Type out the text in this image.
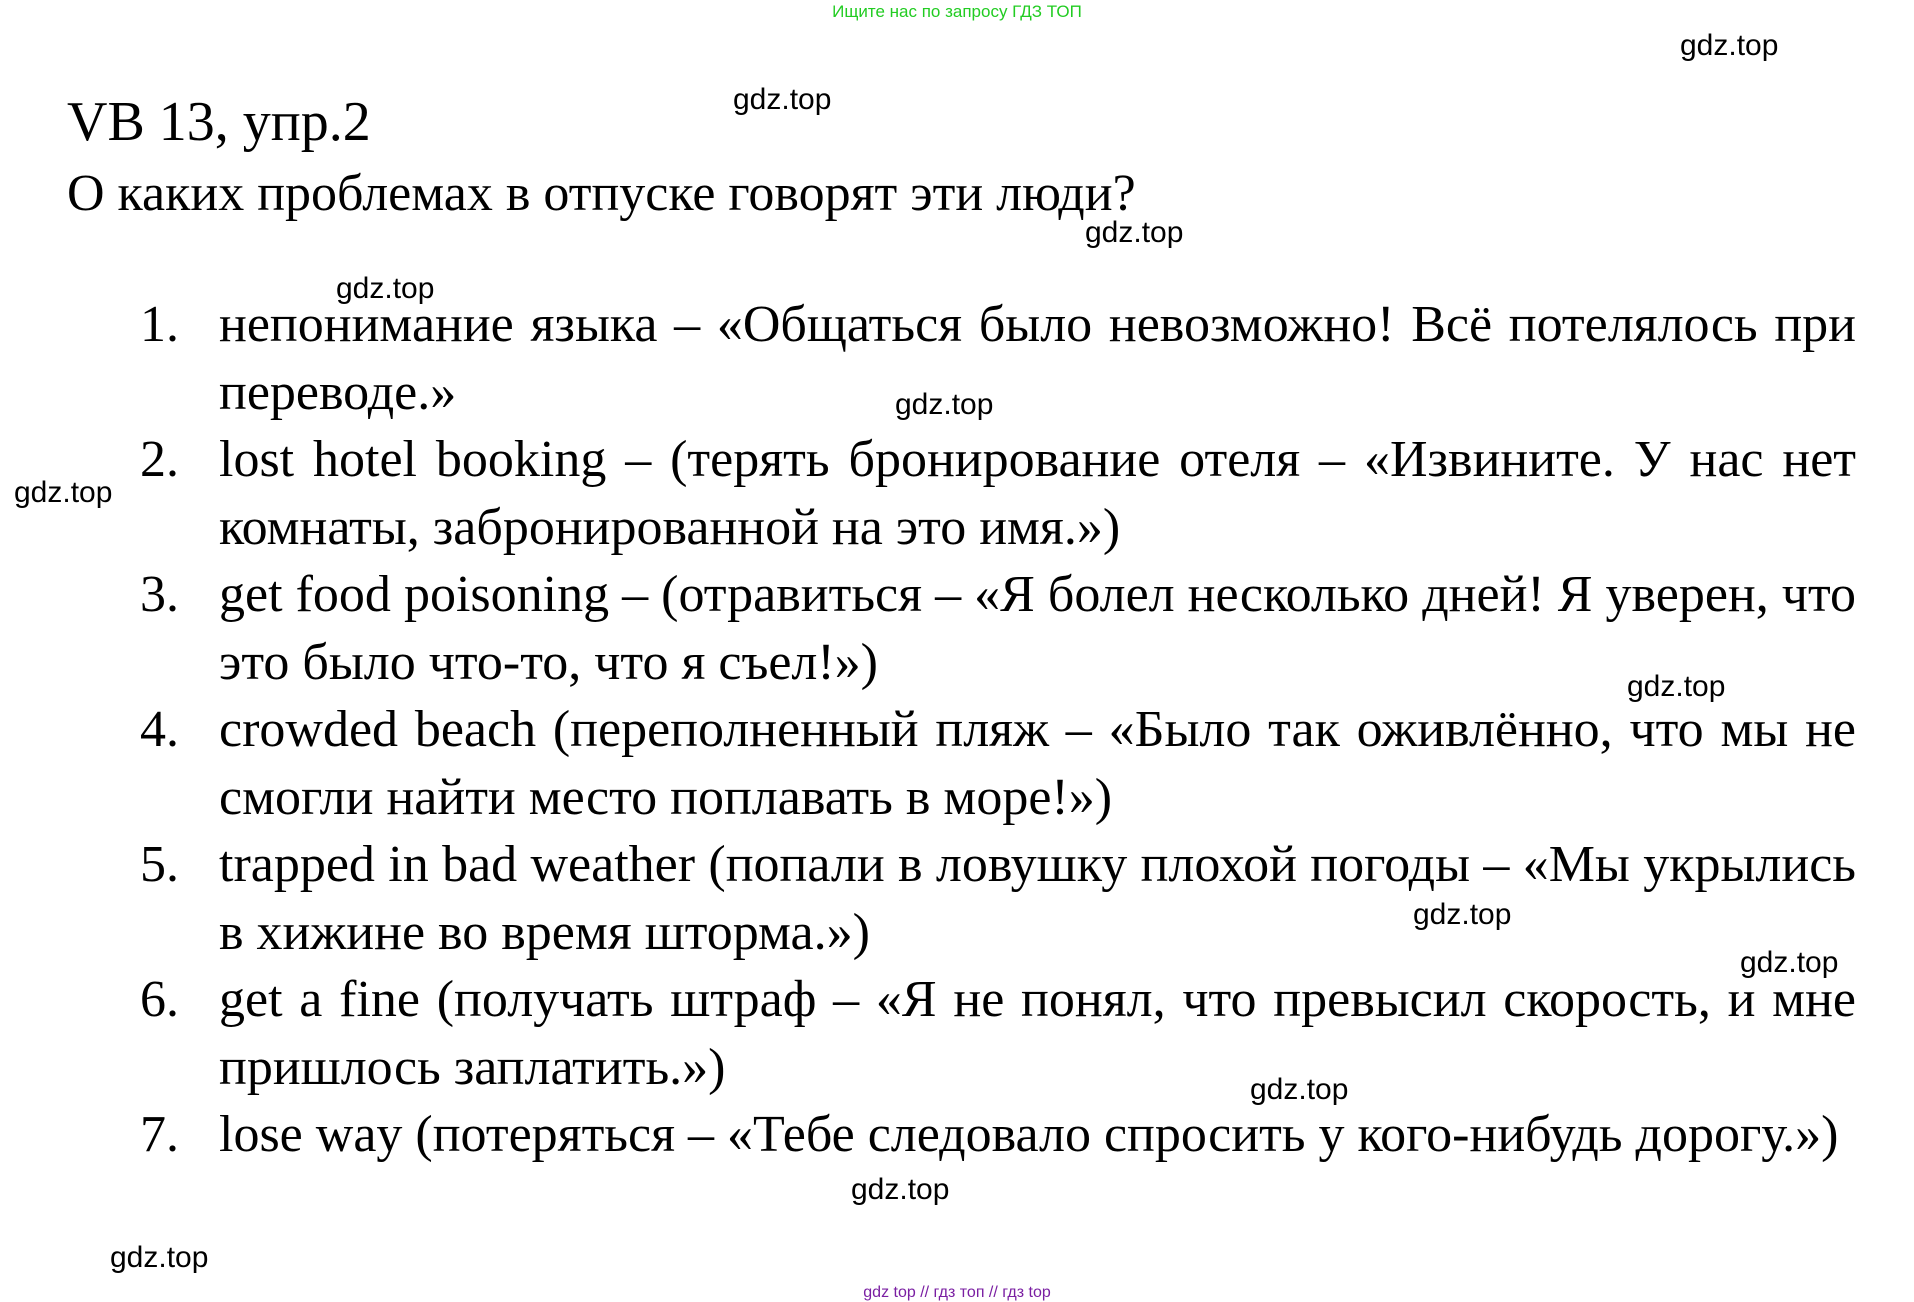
Ищите нас по запросу ГДЗ ТОП
VB 13, упр.2
О каких проблемах в отпуске говорят эти люди?
1. непонимание языка – «Общаться было невозможно! Всё потелялось при переводе.»
2. lost hotel booking – (терять бронирование отеля – «Извините. У нас нет комнаты, забронированной на это имя.»)
3. get food poisoning – (отравиться – «Я болел несколько дней! Я уверен, что это было что-то, что я съел!»)
4. crowded beach (переполненный пляж – «Было так оживлённо, что мы не смогли найти место поплавать в море!»)
5. trapped in bad weather (попали в ловушку плохой погоды – «Мы укрылись в хижине во время шторма.»)
6. get a fine (получать штраф – «Я не понял, что превысил скорость, и мне пришлось заплатить.»)
7. lose way (потеряться – «Тебе следовало спросить у кого-нибудь дорогу.»)
gdz.top
gdz.top
gdz.top
gdz.top
gdz.top
gdz.top
gdz.top
gdz.top
gdz.top
gdz.top
gdz.top
gdz.top
gdz top // гдз топ // гдз top
